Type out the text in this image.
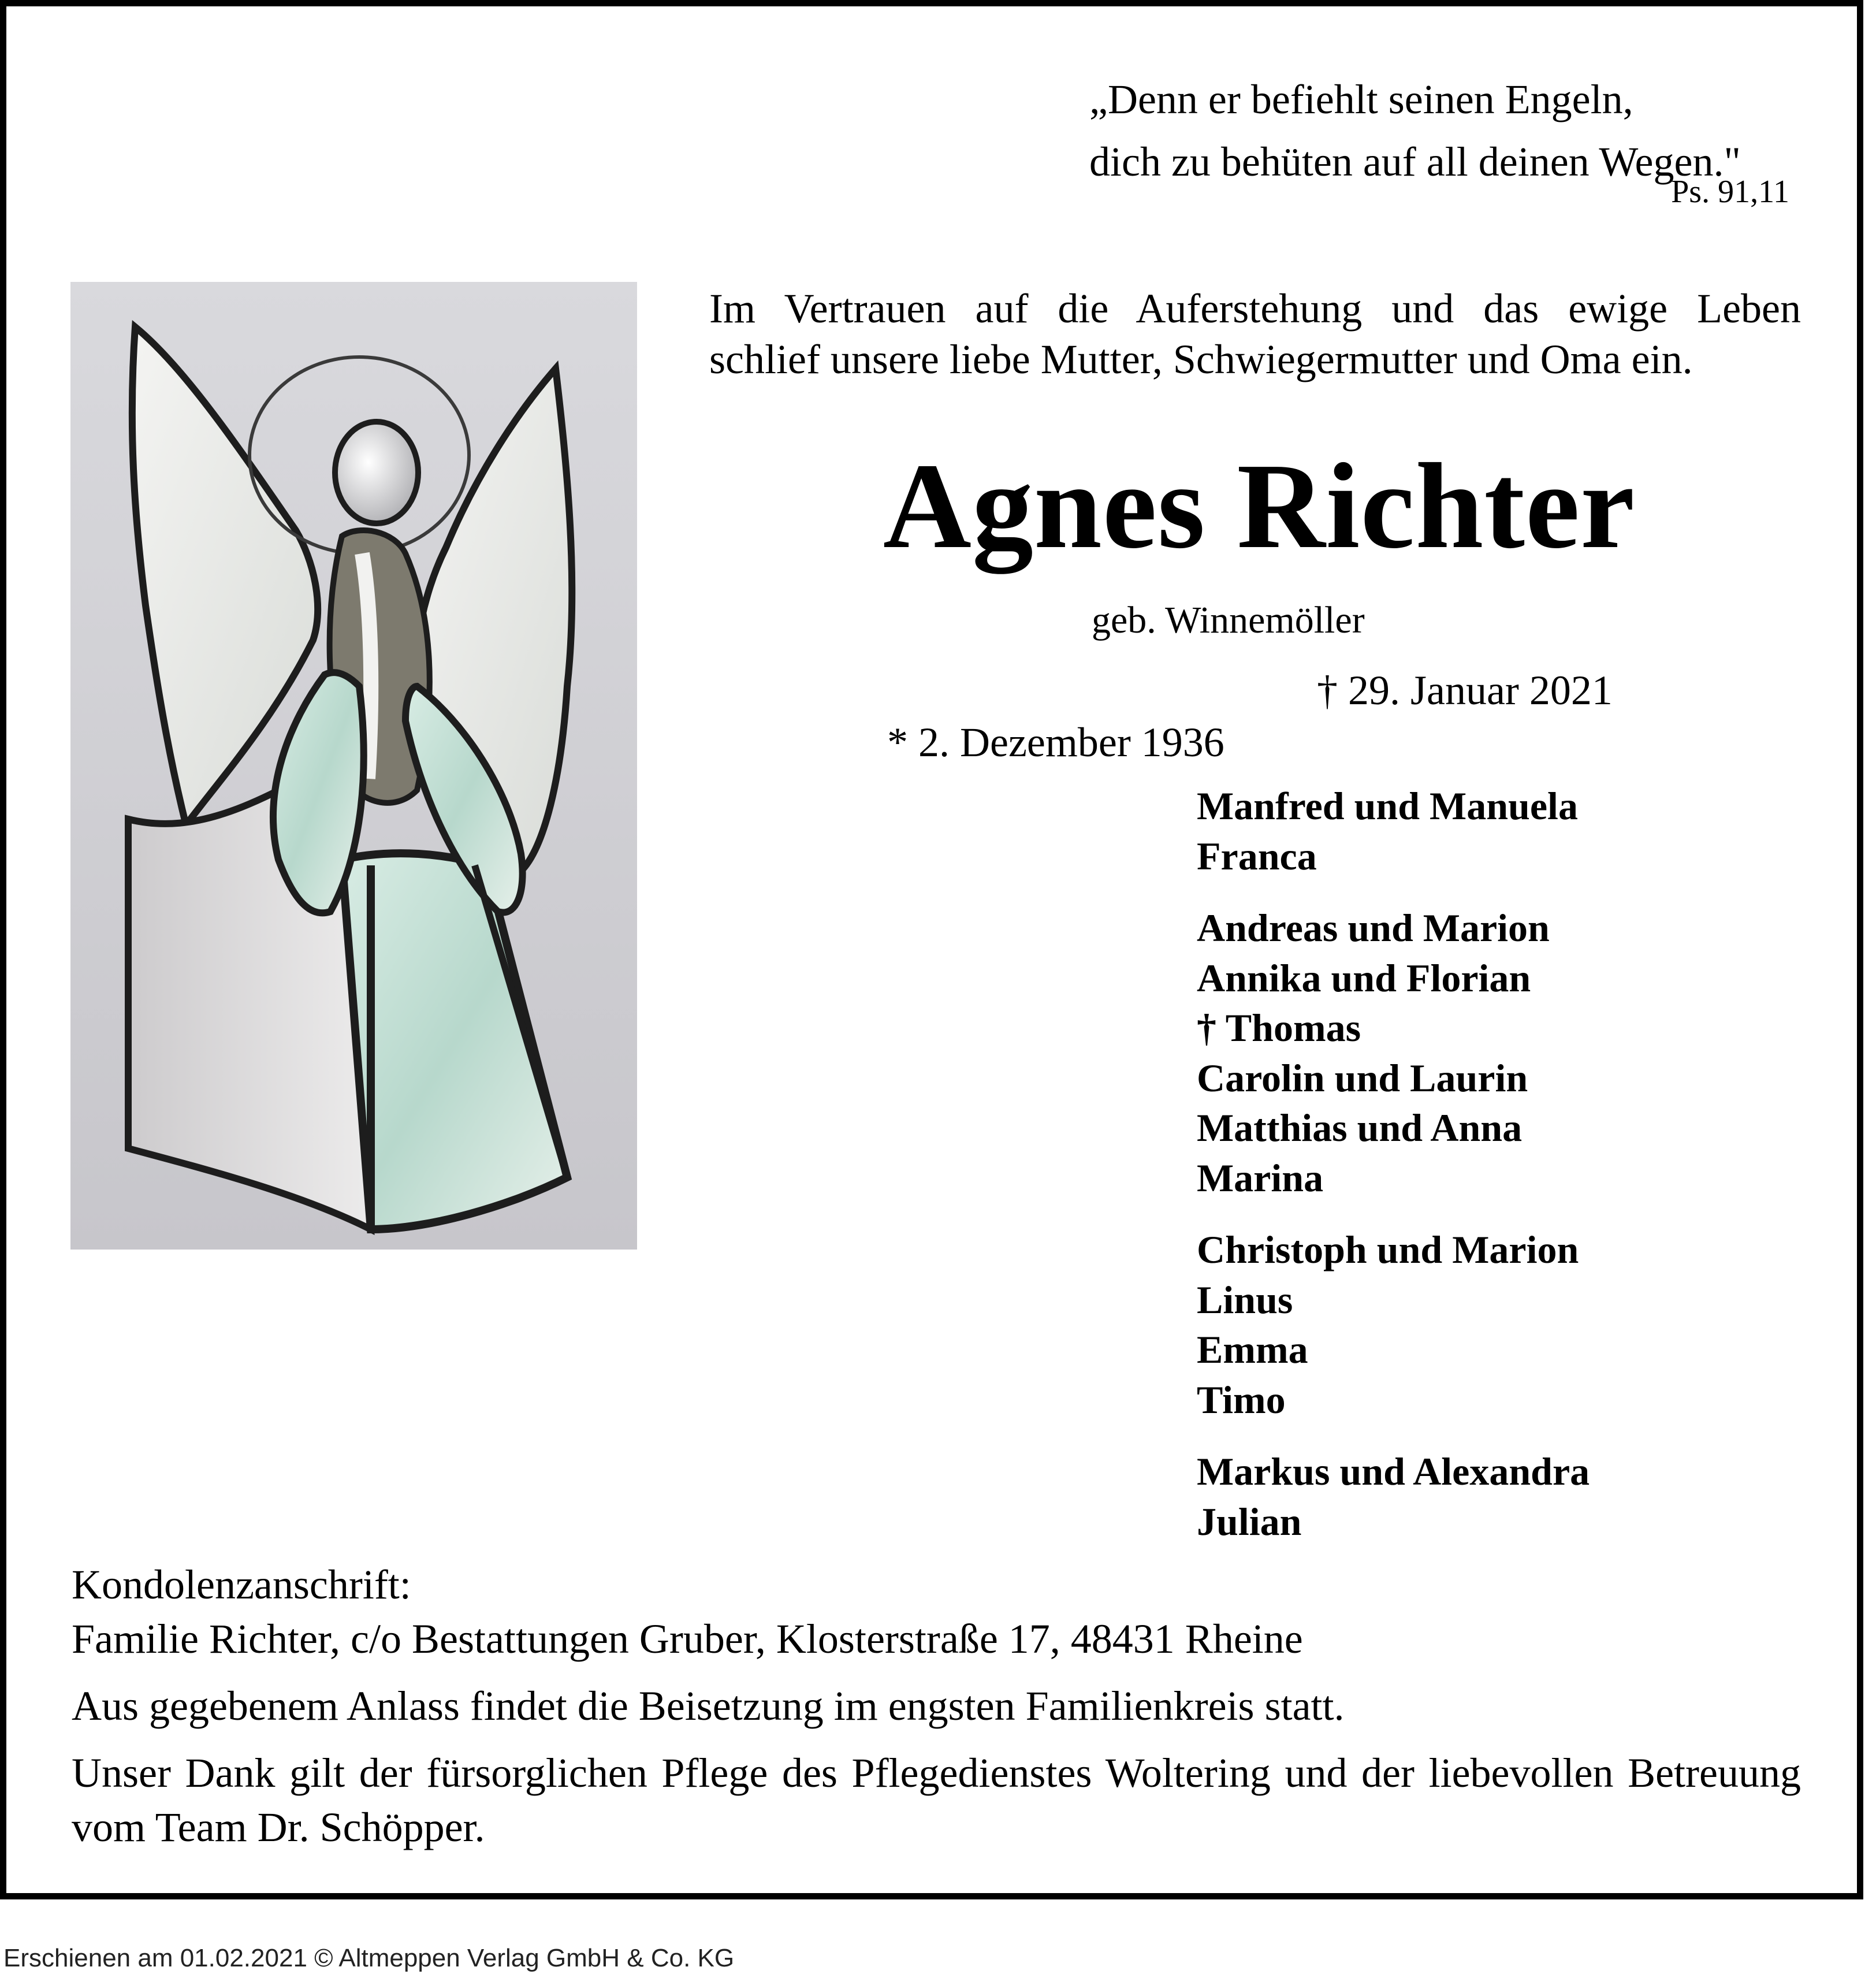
„Denn er befiehlt seinen Engeln,
dich zu behüten auf all deinen Wegen."
Ps. 91,11
Im Vertrauen auf die Auferstehung und das ewige Leben
schlief unsere liebe Mutter, Schwiegermutter und Oma ein.
Agnes Richter
geb. Winnemöller

* 2. Dezember 1936

† 29. Januar 2021

Manfred und Manuela
Franca
Andreas und Marion
Annika und Florian
† Thomas
Carolin und Laurin
Matthias und Anna
Marina
Christoph und Marion
Linus
Emma
Timo
Markus und Alexandra
Julian
Kondolenzanschrift:
Familie Richter, c/o Bestattungen Gruber, Klosterstraße 17, 48431 Rheine
Aus gegebenem Anlass findet die Beisetzung im engsten Familienkreis statt.
Unser Dank gilt der fürsorglichen Pflege des Pflegedienstes Woltering und der liebevollen Betreuung vom Team Dr. Schöpper.
Erschienen am 01.02.2021 © Altmeppen Verlag GmbH & Co. KG
